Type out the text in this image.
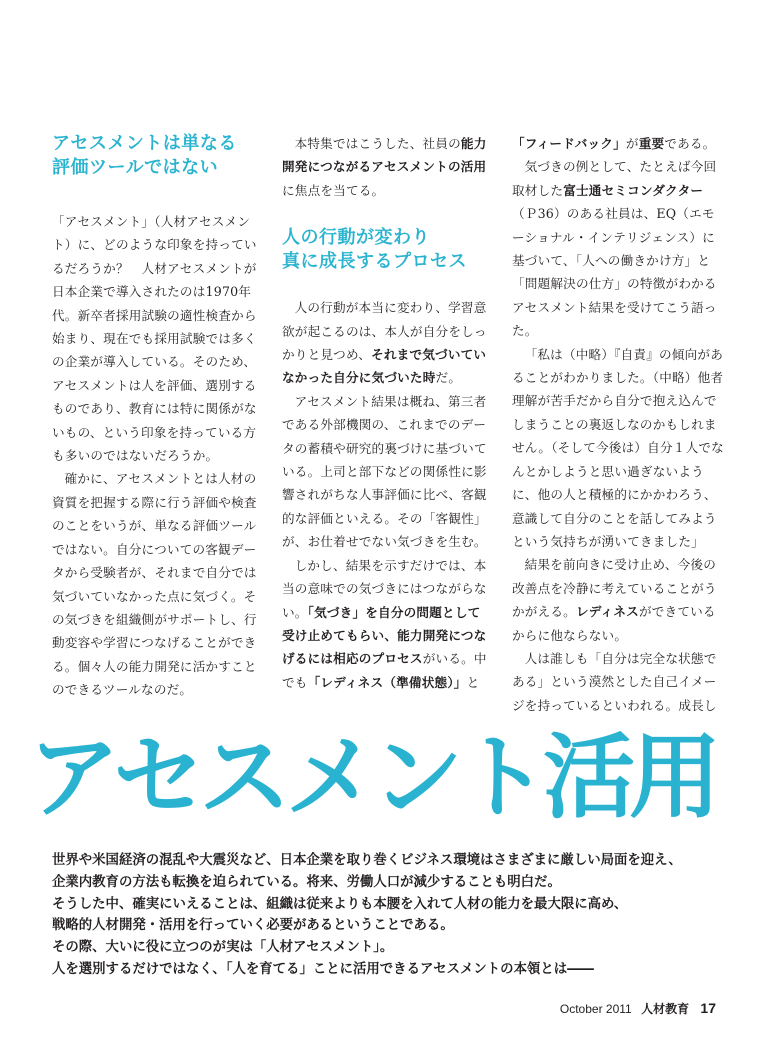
アセスメントは単なる
評価ツールではない

「アセスメント」（人材アセスメント）に、どのような印象を持っているだろうか？　人材アセスメントが日本企業で導入されたのは1970年代。新卒者採用試験の適性検査から始まり、現在でも採用試験では多くの企業が導入している。そのため、アセスメントは人を評価、選別するものであり、教育には特に関係がないもの、という印象を持っている方も多いのではないだろうか。

確かに、アセスメントとは人材の資質を把握する際に行う評価や検査のことをいうが、単なる評価ツールではない。自分についての客観データから受験者が、それまで自分では気づいていなかった点に気づく。その気づきを組織側がサポートし、行動変容や学習につなげることができる。個々人の能力開発に活かすことのできるツールなのだ。

本特集ではこうした、社員の能力開発につながるアセスメントの活用に焦点を当てる。

人の行動が変わり
真に成長するプロセス

人の行動が本当に変わり、学習意欲が起こるのは、本人が自分をしっかりと見つめ、それまで気づいていなかった自分に気づいた時だ。

アセスメント結果は概ね、第三者である外部機関の、これまでのデータの蓄積や研究的裏づけに基づいている。上司と部下などの関係性に影響されがちな人事評価に比べ、客観的な評価といえる。その「客観性」が、お仕着せでない気づきを生む。

しかし、結果を示すだけでは、本当の意味での気づきにはつながらない。「気づき」を自分の問題として受け止めてもらい、能力開発につなげるには相応のプロセスがいる。中でも「レディネス（準備状態）」と

「フィードバック」が重要である。

気づきの例として、たとえば今回取材した富士通セミコンダクター（Ｐ36）のある社員は、EQ（エモーショナル・インテリジェンス）に基づいて、「人への働きかけ方」と「問題解決の仕方」の特徴がわかるアセスメント結果を受けてこう語った。

「私は（中略）『自責』の傾向があることがわかりました。（中略）他者理解が苦手だから自分で抱え込んでしまうことの裏返しなのかもしれません。（そして今後は）自分１人でなんとかしようと思い過ぎないように、他の人と積極的にかかわろう、意識して自分のことを話してみようという気持ちが湧いてきました」

結果を前向きに受け止め、今後の改善点を冷静に考えていることがうかがえる。レディネスができているからに他ならない。

人は誰しも「自分は完全な状態である」という漠然とした自己イメージを持っているといわれる。成長し

アセスメント活用

世界や米国経済の混乱や大震災など、日本企業を取り巻くビジネス環境はさまざまに厳しい局面を迎え、

企業内教育の方法も転換を迫られている。将来、労働人口が減少することも明白だ。

そうした中、確実にいえることは、組織は従来よりも本腰を入れて人材の能力を最大限に高め、

戦略的人材開発・活用を行っていく必要があるということである。

その際、大いに役に立つのが実は「人材アセスメント」。

人を選別するだけではなく、「人を育てる」ことに活用できるアセスメントの本領とは――

October 2011 人材教育 17
